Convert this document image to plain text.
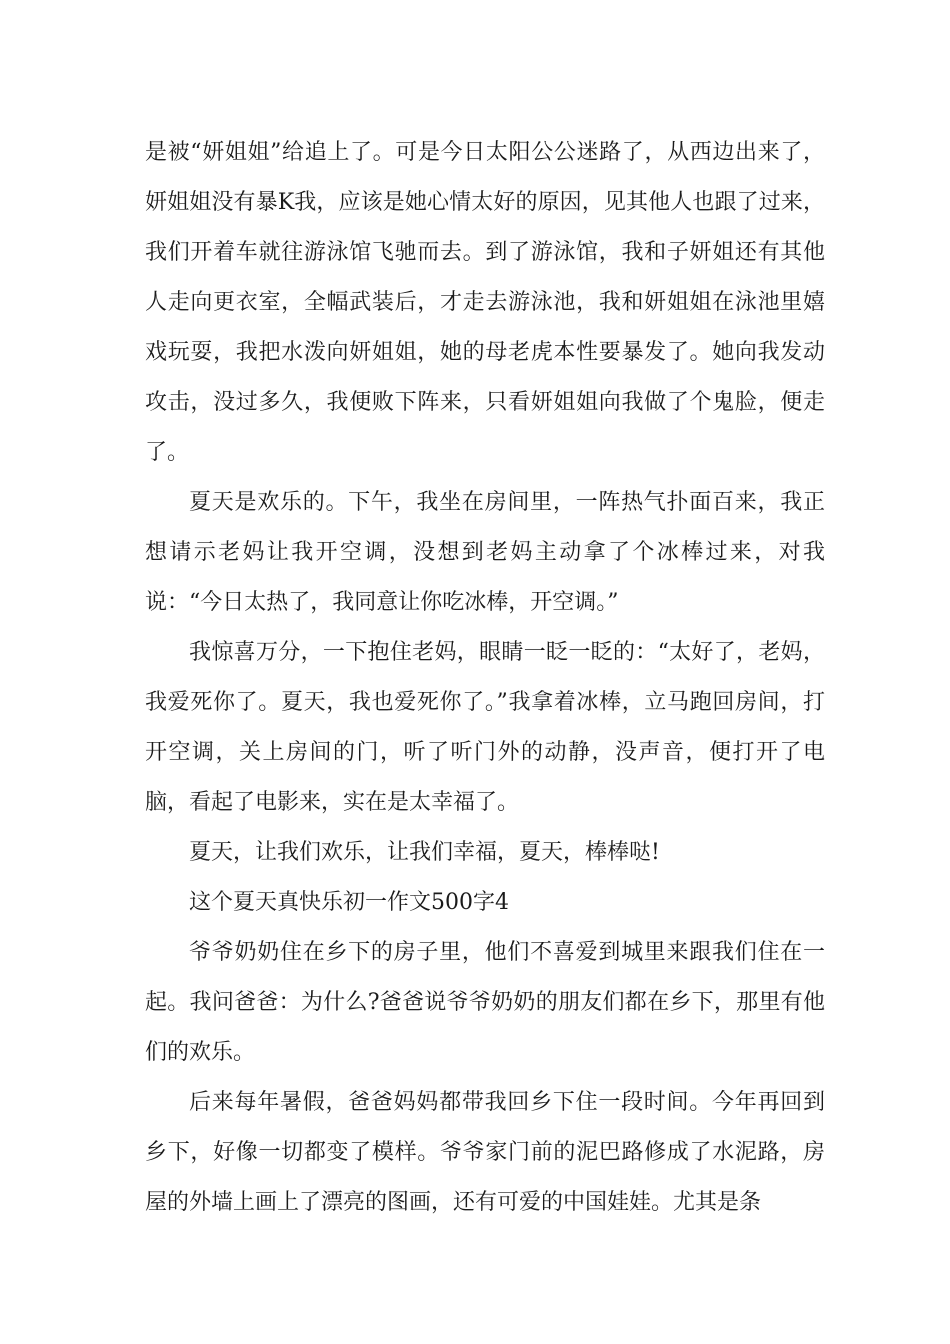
是被“妍姐姐”给追上了。可是今日太阳公公迷路了，从西边出来了，妍姐姐没有暴K我，应该是她心情太好的原因，见其他人也跟了过来，我们开着车就往游泳馆飞驰而去。到了游泳馆，我和子妍姐还有其他人走向更衣室，全幅武装后，才走去游泳池，我和妍姐姐在泳池里嬉戏玩耍，我把水泼向妍姐姐，她的母老虎本性要暴发了。她向我发动攻击，没过多久，我便败下阵来，只看妍姐姐向我做了个鬼脸，便走了。

夏天是欢乐的。下午，我坐在房间里，一阵热气扑面百来，我正想请示老妈让我开空调，没想到老妈主动拿了个冰棒过来，对我说：“今日太热了，我同意让你吃冰棒，开空调。”

我惊喜万分，一下抱住老妈，眼睛一眨一眨的：“太好了，老妈，我爱死你了。夏天，我也爱死你了。”我拿着冰棒，立马跑回房间，打开空调，关上房间的门，听了听门外的动静，没声音，便打开了电脑，看起了电影来，实在是太幸福了。

夏天，让我们欢乐，让我们幸福，夏天，棒棒哒!

这个夏天真快乐初一作文500字4

爷爷奶奶住在乡下的房子里，他们不喜爱到城里来跟我们住在一起。我问爸爸：为什么?爸爸说爷爷奶奶的朋友们都在乡下，那里有他们的欢乐。

后来每年暑假，爸爸妈妈都带我回乡下住一段时间。今年再回到乡下，好像一切都变了模样。爷爷家门前的泥巴路修成了水泥路，房屋的外墙上画上了漂亮的图画，还有可爱的中国娃娃。尤其是条
